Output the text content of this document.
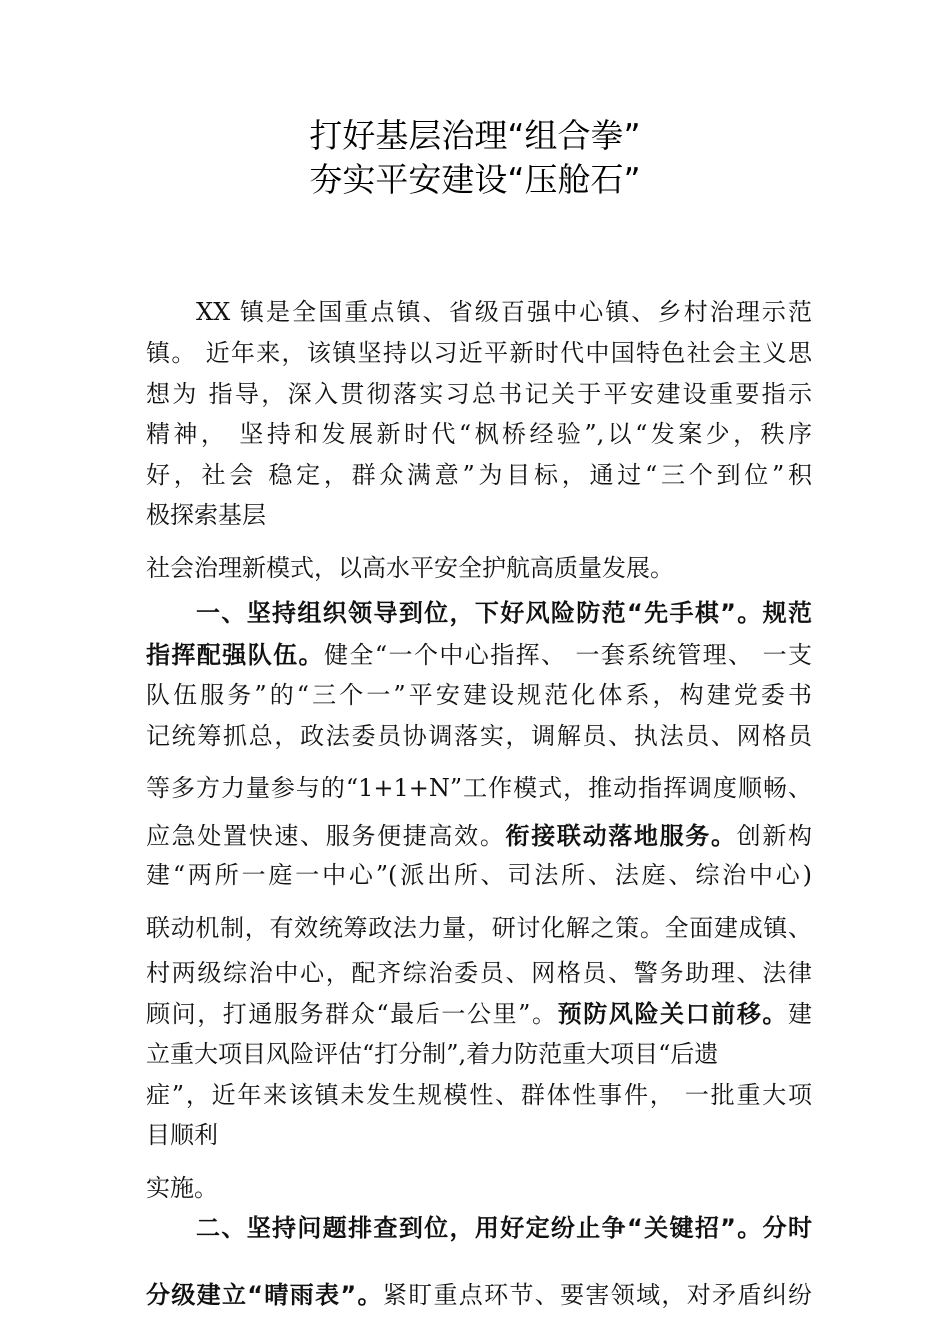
打好基层治理“组合拳”
夯实平安建设“压舱石”
XX 镇是全国重点镇、省级百强中心镇、乡村治理示范
镇。 近年来，该镇坚持以习近平新时代中国特色社会主义思
想为 指导，深入贯彻落实习总书记关于平安建设重要指示
精神， 坚持和发展新时代“枫桥经验”,以“发案少，秩序
好，社会 稳定，群众满意”为目标，通过“三个到位”积
极探索基层
社会治理新模式，以高水平安全护航高质量发展。
一、坚持组织领导到位，下好风险防范“先手棋”。规范
指挥配强队伍。健全“一个中心指挥、 一套系统管理、 一支
队伍服务”的“三个一”平安建设规范化体系，构建党委书
记统筹抓总，政法委员协调落实，调解员、执法员、网格员
等多方力量参与的“1+1+N”工作模式，推动指挥调度顺畅、
应急处置快速、服务便捷高效。衔接联动落地服务。创新构
建“两所一庭一中心”(派出所、司法所、法庭、综治中心)
联动机制，有效统筹政法力量，研讨化解之策。全面建成镇、
村两级综治中心，配齐综治委员、网格员、警务助理、法律
顾问，打通服务群众“最后一公里”。预防风险关口前移。建
立重大项目风险评估“打分制”,着力防范重大项目“后遗
症”，近年来该镇未发生规模性、群体性事件， 一批重大项
目顺利
实施。
二、坚持问题排查到位，用好定纷止争“关键招”。分时
分级建立“晴雨表”。紧盯重点环节、要害领域，对矛盾纠纷
